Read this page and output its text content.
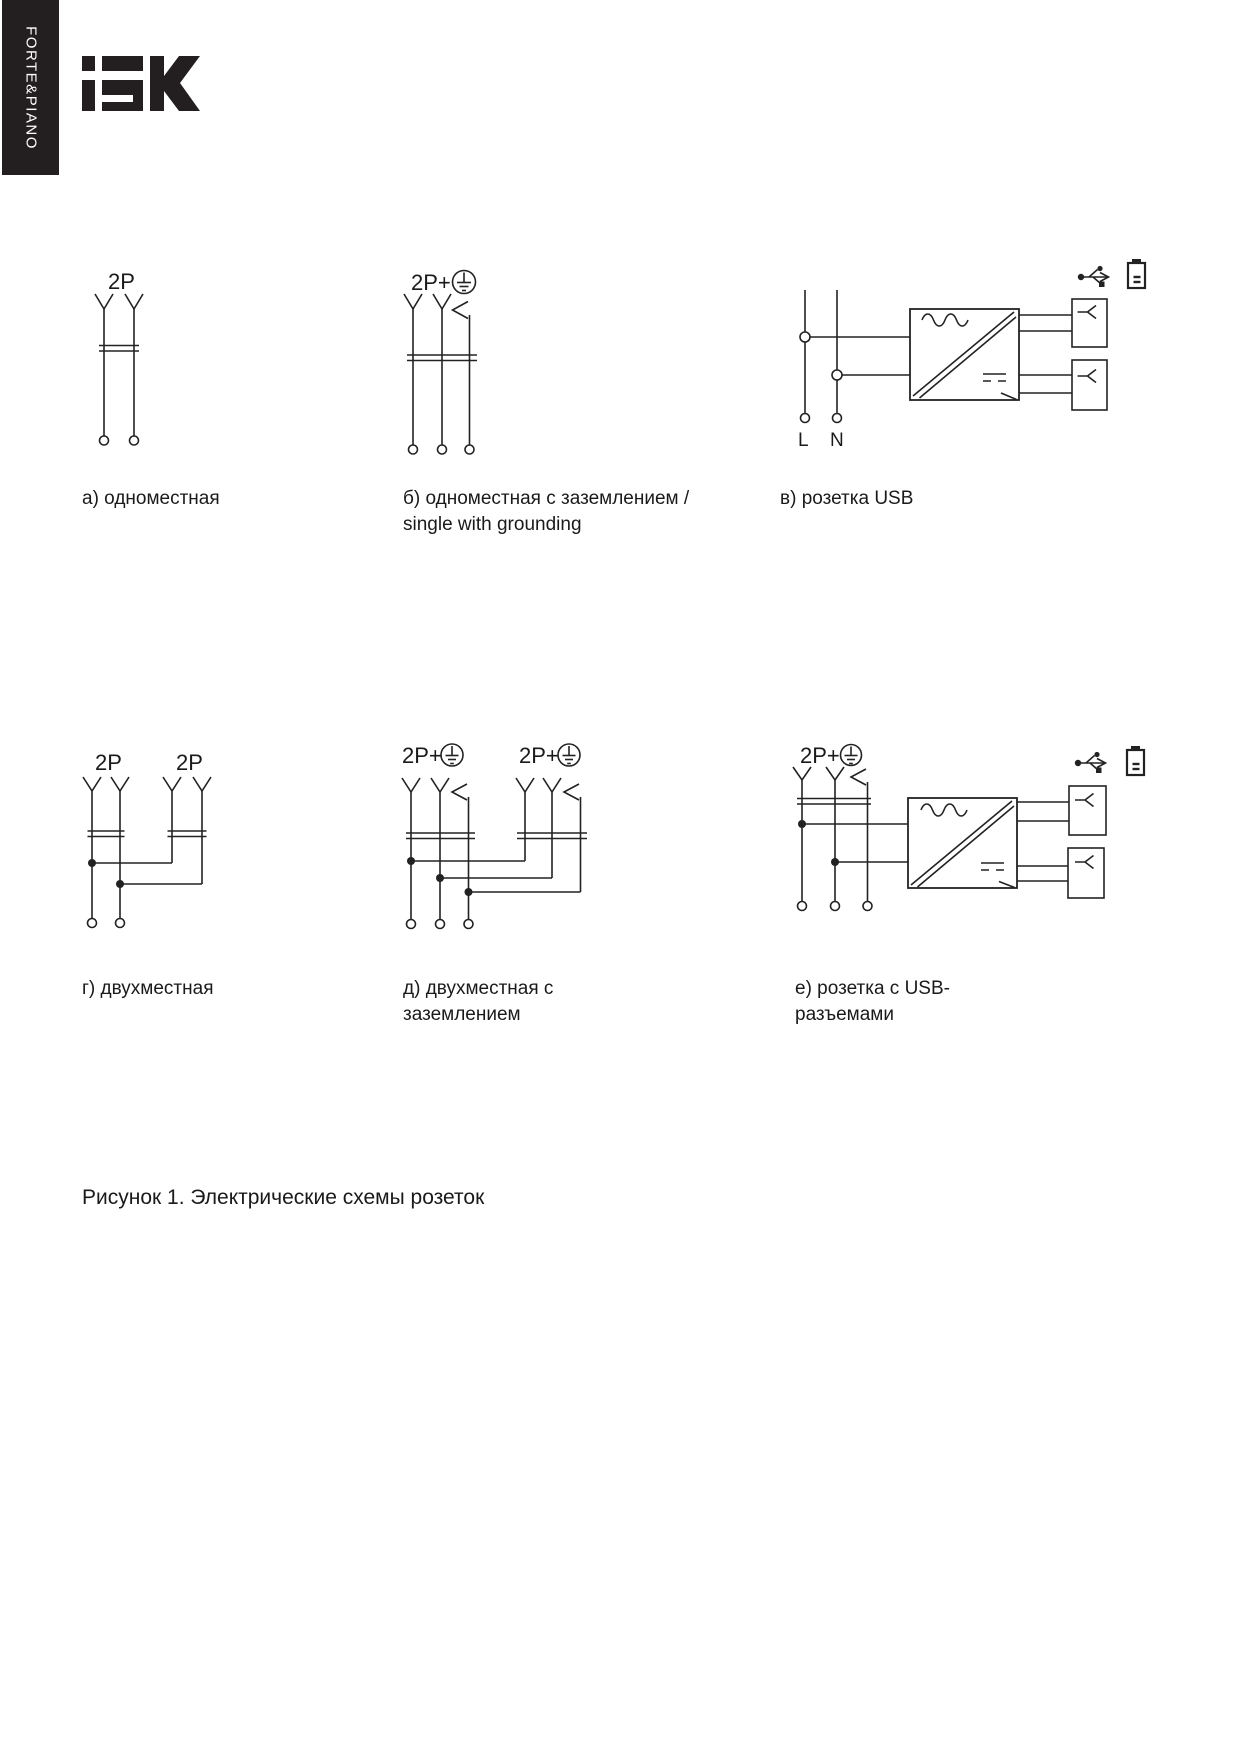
FORTE&PIANO
2P	2P+
L N
2P 2P	2P+	2P+	2P+
а) одноместная	б) одноместная с заземлением /
single with grounding
в) розетка USB
г) двухместная	д) двухместная с
заземлением
е) розетка с USB-
разъемами
Рисунок 1. Электрические схемы розеток
